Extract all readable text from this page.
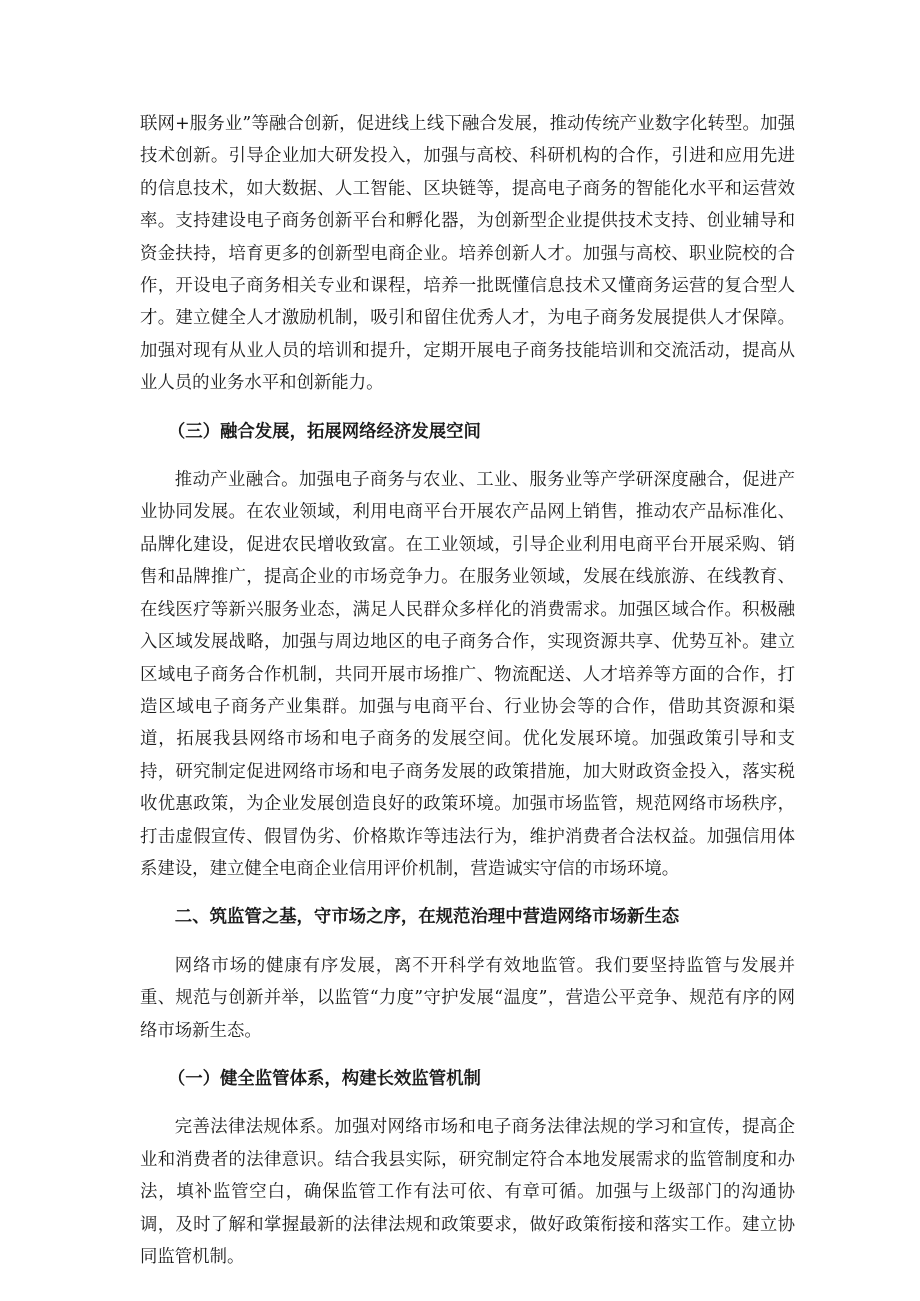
联网+服务业”等融合创新，促进线上线下融合发展，推动传统产业数字化转型。加强技术创新。引导企业加大研发投入，加强与高校、科研机构的合作，引进和应用先进的信息技术，如大数据、人工智能、区块链等，提高电子商务的智能化水平和运营效率。支持建设电子商务创新平台和孵化器，为创新型企业提供技术支持、创业辅导和资金扶持，培育更多的创新型电商企业。培养创新人才。加强与高校、职业院校的合作，开设电子商务相关专业和课程，培养一批既懂信息技术又懂商务运营的复合型人才。建立健全人才激励机制，吸引和留住优秀人才，为电子商务发展提供人才保障。加强对现有从业人员的培训和提升，定期开展电子商务技能培训和交流活动，提高从业人员的业务水平和创新能力。

（三）融合发展，拓展网络经济发展空间

推动产业融合。加强电子商务与农业、工业、服务业等产学研深度融合，促进产业协同发展。在农业领域，利用电商平台开展农产品网上销售，推动农产品标准化、品牌化建设，促进农民增收致富。在工业领域，引导企业利用电商平台开展采购、销售和品牌推广，提高企业的市场竞争力。在服务业领域，发展在线旅游、在线教育、在线医疗等新兴服务业态，满足人民群众多样化的消费需求。加强区域合作。积极融入区域发展战略，加强与周边地区的电子商务合作，实现资源共享、优势互补。建立区域电子商务合作机制，共同开展市场推广、物流配送、人才培养等方面的合作，打造区域电子商务产业集群。加强与电商平台、行业协会等的合作，借助其资源和渠道，拓展我县网络市场和电子商务的发展空间。优化发展环境。加强政策引导和支持，研究制定促进网络市场和电子商务发展的政策措施，加大财政资金投入，落实税收优惠政策，为企业发展创造良好的政策环境。加强市场监管，规范网络市场秩序，打击虚假宣传、假冒伪劣、价格欺诈等违法行为，维护消费者合法权益。加强信用体系建设，建立健全电商企业信用评价机制，营造诚实守信的市场环境。

二、筑监管之基，守市场之序，在规范治理中营造网络市场新生态

网络市场的健康有序发展，离不开科学有效地监管。我们要坚持监管与发展并重、规范与创新并举，以监管“力度”守护发展“温度”，营造公平竞争、规范有序的网络市场新生态。

（一）健全监管体系，构建长效监管机制

完善法律法规体系。加强对网络市场和电子商务法律法规的学习和宣传，提高企业和消费者的法律意识。结合我县实际，研究制定符合本地发展需求的监管制度和办法，填补监管空白，确保监管工作有法可依、有章可循。加强与上级部门的沟通协调，及时了解和掌握最新的法律法规和政策要求，做好政策衔接和落实工作。建立协同监管机制。
